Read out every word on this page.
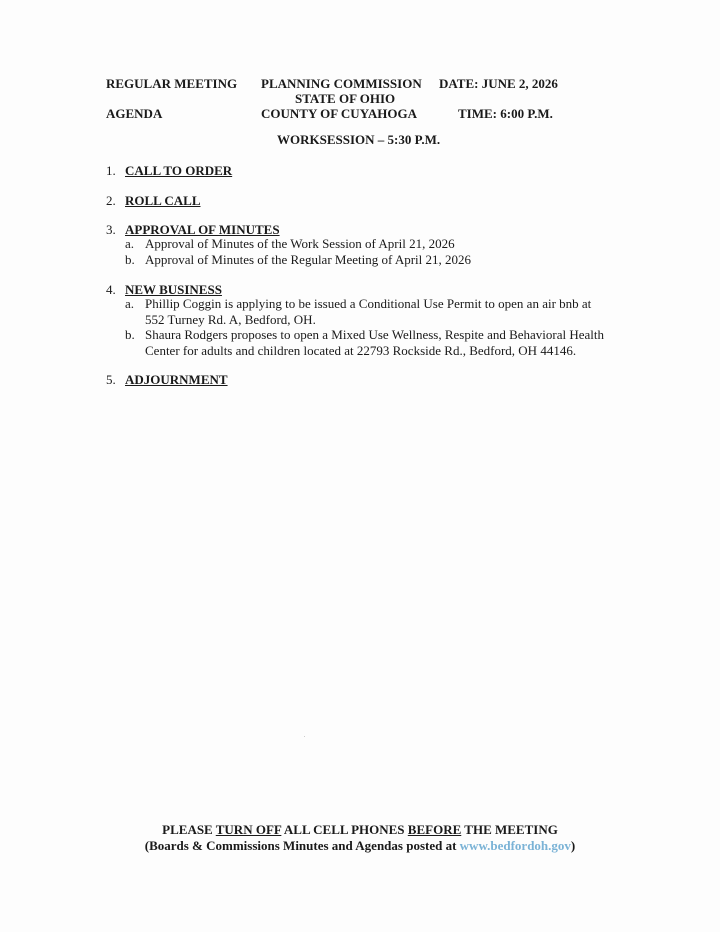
REGULAR MEETING
AGENDA
PLANNING COMMISSION
STATE OF OHIO
COUNTY OF CUYAHOGA
DATE: JUNE 2, 2026
TIME: 6:00 P.M.
WORKSESSION – 5:30 P.M.
1. CALL TO ORDER
2. ROLL CALL
3. APPROVAL OF MINUTES
a. Approval of Minutes of the Work Session of April 21, 2026
b. Approval of Minutes of the Regular Meeting of April 21, 2026
4. NEW BUSINESS
a. Phillip Coggin is applying to be issued a Conditional Use Permit to open an air bnb at
552 Turney Rd. A, Bedford, OH.
b. Shaura Rodgers proposes to open a Mixed Use Wellness, Respite and Behavioral Health
Center for adults and children located at 22793 Rockside Rd., Bedford, OH 44146.
5. ADJOURNMENT
PLEASE TURN OFF ALL CELL PHONES BEFORE THE MEETING
(Boards & Commissions Minutes and Agendas posted at www.bedfordoh.gov)
